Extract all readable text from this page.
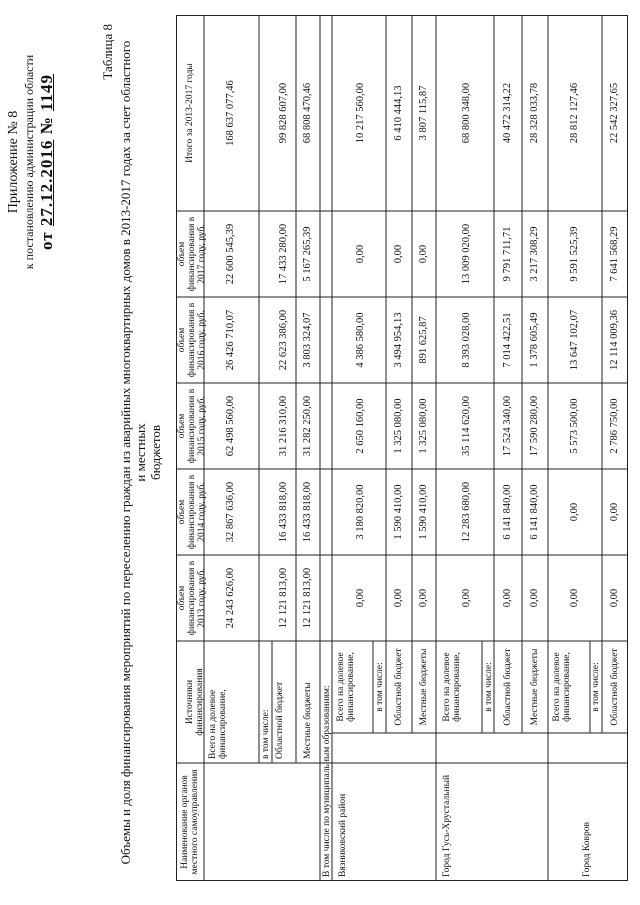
Приложение № 8 к постановлению администрации области от 27.12.2016 № 1149
Таблица 8 Объемы и доля финансирования мероприятий по переселению граждан из аварийных многоквартирных домов в 2013-2017 годах за счет областного и местных бюджетов
Наименование органов местного самоуправления
Источники финансирования
объем финансирования в 2013 году, руб.
объем финансирования в 2014 году, руб.
объем финансирования в 2015 году, руб.
объем финансирования в 2016 году, руб.
объем финансирования в 2017 году, руб.
Итого за 2013-2017 годы
Всего на долевое финансирование,
24 243 626,00
32 867 636,00
62 498 560,00
26 426 710,07
22 600 545,39
168 637 077,46
в том числе: Областной бюджет
12 121 813,00
16 433 818,00
31 216 310,00
22 623 386,00
17 433 280,00
99 828 607,00
Местные бюджеты
12 121 813,00
16 433 818,00
31 282 250,00
3 803 324,07
5 167 265,39
68 808 470,46
В том числе по муниципальным образованиям: Вязниковский район
Всего на долевое финансирование, в том числе:
0,00
3 180 820,00
2 650 160,00
4 386 580,00
0,00
10 217 560,00
Областной бюджет
0,00
1 590 410,00
1 325 080,00
3 494 954,13
0,00
6 410 444,13
Местные бюджеты
0,00
1 590 410,00
1 325 080,00
891 625,87
0,00
3 807 115,87
Город Гусь-Хрустальный
Всего на долевое финансирование, в том числе:
0,00
12 283 680,00
35 114 620,00
8 393 028,00
13 009 020,00
68 800 348,00
Областной бюджет
0,00
6 141 840,00
17 524 340,00
7 014 422,51
9 791 711,71
40 472 314,22
Местные бюджеты
0,00
6 141 840,00
17 590 280,00
1 378 605,49
3 217 308,29
28 328 033,78
Город Ковров
Всего на долевое финансирование, в том числе:
0,00
0,00
5 573 500,00
13 647 102,07
9 591 525,39
28 812 127,46
Областной бюджет
0,00
0,00
2 786 750,00
12 114 009,36
7 641 568,29
22 542 327,65
